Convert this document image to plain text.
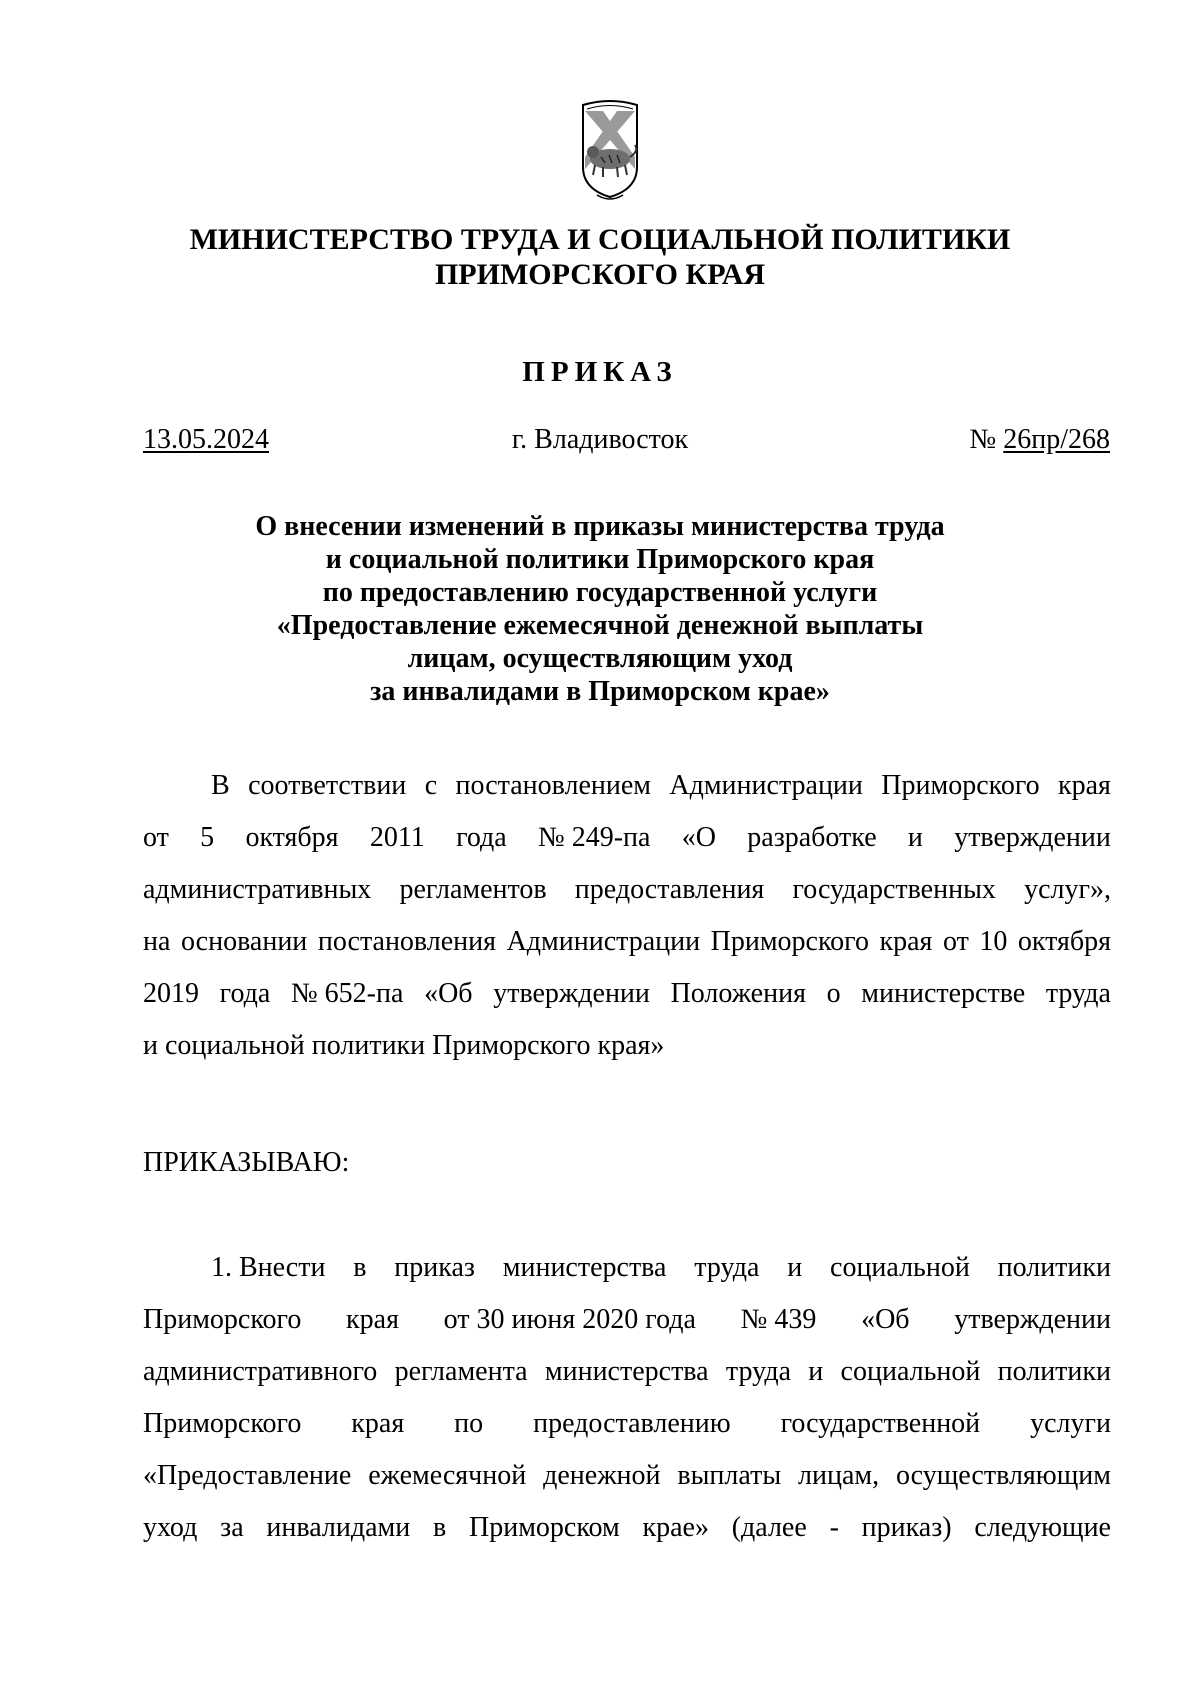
МИНИСТЕРСТВО ТРУДА И СОЦИАЛЬНОЙ ПОЛИТИКИ
ПРИМОРСКОГО КРАЯ
ПРИКАЗ
13.05.2024	г. Владивосток	№ 26пр/268
О внесении изменений в приказы министерства труда
и социальной политики Приморского края
по предоставлению государственной услуги
«Предоставление ежемесячной денежной выплаты
лицам, осуществляющим уход
за инвалидами в Приморском крае»
В соответствии с постановлением Администрации Приморского края
от 5 октября 2011 года № 249-па «О разработке и утверждении
административных регламентов предоставления государственных услуг»,
на основании постановления Администрации Приморского края от 10 октября
2019 года № 652-па «Об утверждении Положения о министерстве труда
и социальной политики Приморского края»
ПРИКАЗЫВАЮ:
1. Внести в приказ министерства труда и социальной политики
Приморского края от 30 июня 2020 года № 439 «Об утверждении
административного регламента министерства труда и социальной политики
Приморского края по предоставлению государственной услуги
«Предоставление ежемесячной денежной выплаты лицам, осуществляющим
уход за инвалидами в Приморском крае» (далее - приказ) следующие
